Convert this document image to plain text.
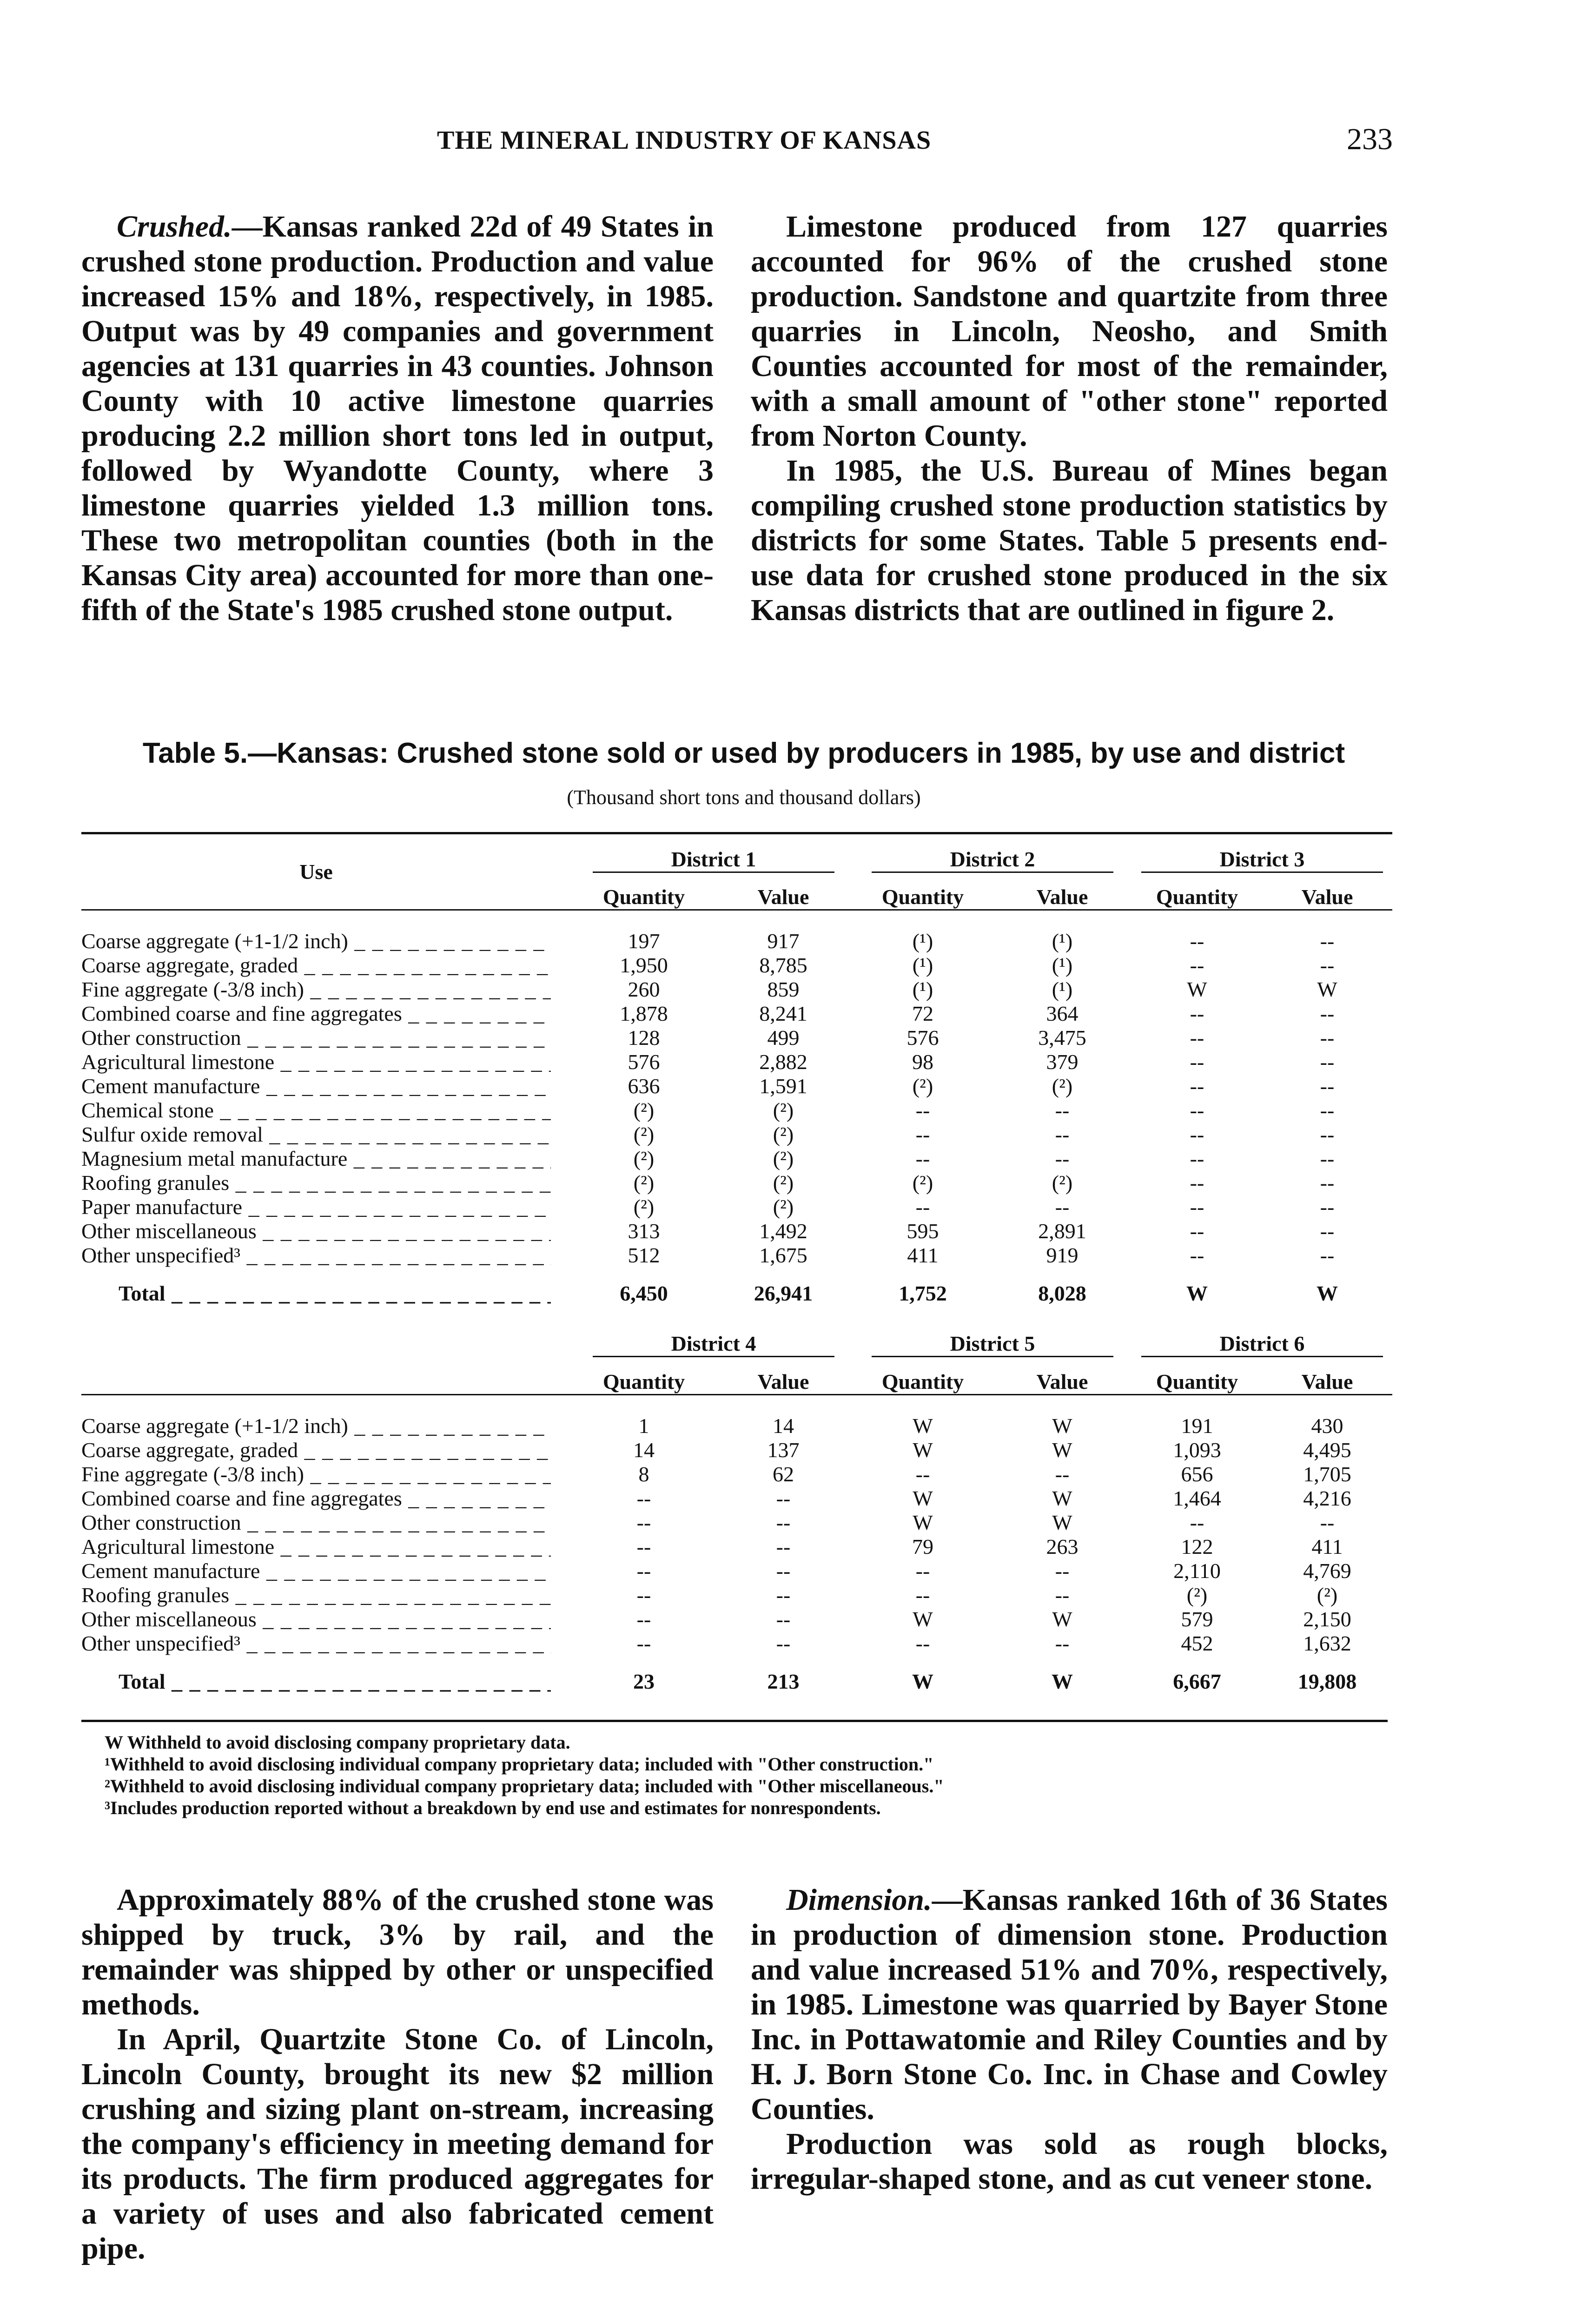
THE MINERAL INDUSTRY OF KANSAS	233

Crushed.—Kansas ranked 22d of 49 States in crushed stone production. Production and value increased 15% and 18%, respectively, in 1985. Output was by 49 companies and government agencies at 131 quarries in 43 counties. Johnson County with 10 active limestone quarries producing 2.2 million short tons led in output, followed by Wyandotte County, where 3 limestone quarries yielded 1.3 million tons. These two metropolitan counties (both in the Kansas City area) accounted for more than one-fifth of the State's 1985 crushed stone output.

Limestone produced from 127 quarries accounted for 96% of the crushed stone production. Sandstone and quartzite from three quarries in Lincoln, Neosho, and Smith Counties accounted for most of the remainder, with a small amount of "other stone" reported from Norton County.

In 1985, the U.S. Bureau of Mines began compiling crushed stone production statistics by districts for some States. Table 5 presents end-use data for crushed stone produced in the six Kansas districts that are outlined in figure 2.

Table 5.—Kansas: Crushed stone sold or used by producers in 1985, by use and district
(Thousand short tons and thousand dollars)
Use		District 1		District 2		District 3	

		Quantity	Value	Quantity	Value	Quantity	Value

Coarse aggregate (+1-1/2 inch) _ _ _		197	917	(¹)	(¹)	--	--
Coarse aggregate, graded _ _ _		1,950	8,785	(¹)	(¹)	--	--
Fine aggregate (-3/8 inch) _ _ _		260	859	(¹)	(¹)	W	W
Combined coarse and fine aggregates _ _ _		1,878	8,241	72	364	--	--
Other construction _ _ _		128	499	576	3,475	--	--
Agricultural limestone _ _ _		576	2,882	98	379	--	--
Cement manufacture _ _ _		636	1,591	(²)	(²)	--	--
Chemical stone _ _ _		(²)	(²)	--	--	--	--
Sulfur oxide removal _ _ _		(²)	(²)	--	--	--	--
Magnesium metal manufacture _ _ _		(²)	(²)	--	--	--	--
Roofing granules _ _ _		(²)	(²)	(²)	(²)	--	--
Paper manufacture _ _ _		(²)	(²)	--	--	--	--
Other miscellaneous _ _ _		313	1,492	595	2,891	--	--
Other unspecified³ _ _ _		512	1,675	411	919	--	--
Total _ _ _		6,450	26,941	1,752	8,028	W	W

		District 4		District 5		District 6	

		Quantity	Value	Quantity	Value	Quantity	Value

Coarse aggregate (+1-1/2 inch) _ _ _		1	14	W	W	191	430
Coarse aggregate, graded _ _ _		14	137	W	W	1,093	4,495
Fine aggregate (-3/8 inch) _ _ _		8	62	--	--	656	1,705
Combined coarse and fine aggregates _ _ _		--	--	W	W	1,464	4,216
Other construction _ _ _		--	--	W	W	--	--
Agricultural limestone _ _ _		--	--	79	263	122	411
Cement manufacture _ _ _		--	--	--	--	2,110	4,769
Roofing granules _ _ _		--	--	--	--	(²)	(²)
Other miscellaneous _ _ _		--	--	W	W	579	2,150
Other unspecified³ _ _ _		--	--	--	--	452	1,632
Total _ _ _		23	213	W	W	6,667	19,808

W Withheld to avoid disclosing company proprietary data.

¹Withheld to avoid disclosing individual company proprietary data; included with "Other construction."

²Withheld to avoid disclosing individual company proprietary data; included with "Other miscellaneous."

³Includes production reported without a breakdown by end use and estimates for nonrespondents.

Approximately 88% of the crushed stone was shipped by truck, 3% by rail, and the remainder was shipped by other or unspecified methods.

In April, Quartzite Stone Co. of Lincoln, Lincoln County, brought its new $2 million crushing and sizing plant on-stream, increasing the company's efficiency in meeting demand for its products. The firm produced aggregates for a variety of uses and also fabricated cement pipe.

Dimension.—Kansas ranked 16th of 36 States in production of dimension stone. Production and value increased 51% and 70%, respectively, in 1985. Limestone was quarried by Bayer Stone Inc. in Pottawatomie and Riley Counties and by H. J. Born Stone Co. Inc. in Chase and Cowley Counties.

Production was sold as rough blocks, irregular-shaped stone, and as cut veneer stone.
